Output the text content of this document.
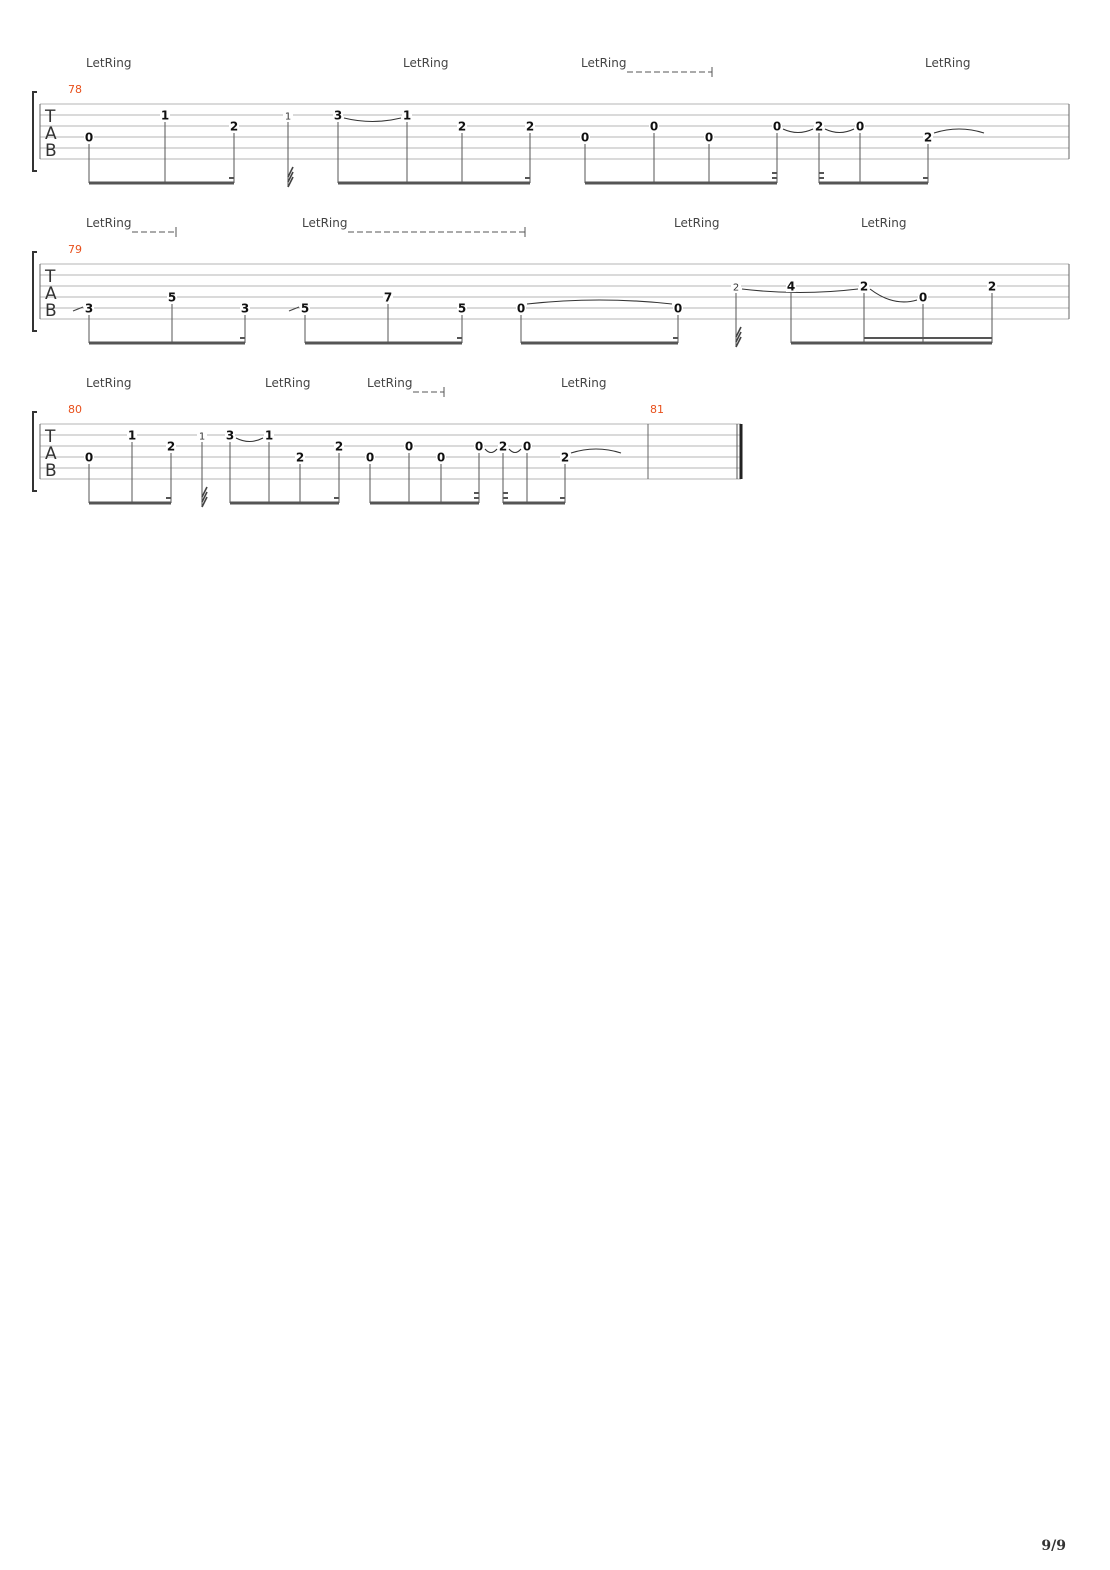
T
A
B
78
LetRing	LetRing	LetRing	LetRing
0
1
2
1	3	1
2	2
0
0
0
0	2	0
2
T
A
B
79
LetRing	LetRing	LetRing	LetRing
3
5
3	5
7
5	0	0
2	4	2
0
2
T
A
B
80	81
LetRing	LetRing	LetRing	LetRing
0
1
2
1 3	1
2
2
0
0
0
0 2 0
2
9/9
